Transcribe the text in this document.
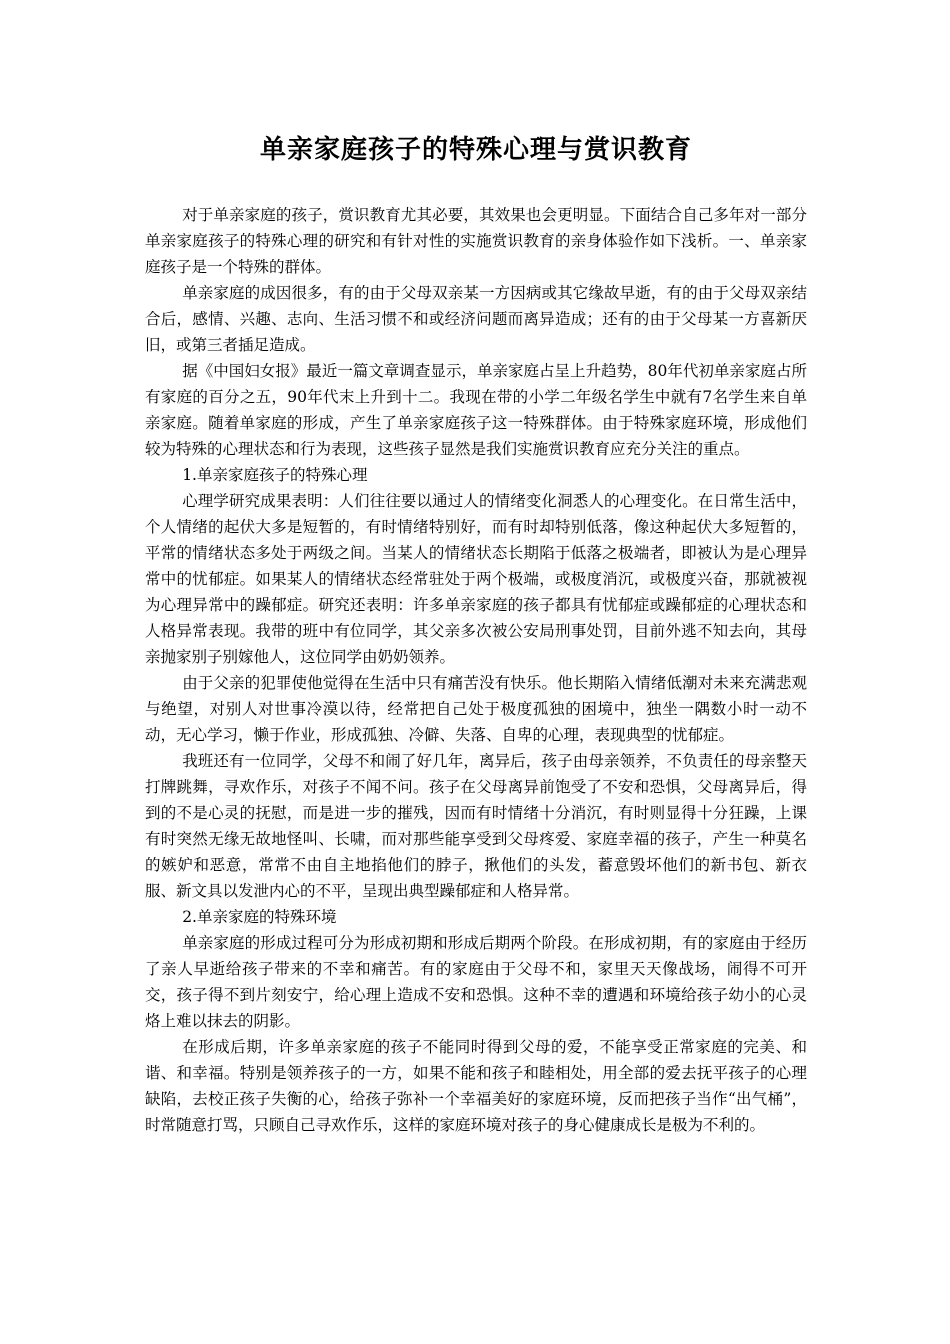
单亲家庭孩子的特殊心理与赏识教育

对于单亲家庭的孩子，赏识教育尤其必要，其效果也会更明显。下面结合自己多年对一部分单亲家庭孩子的特殊心理的研究和有针对性的实施赏识教育的亲身体验作如下浅析。一、单亲家庭孩子是一个特殊的群体。

单亲家庭的成因很多，有的由于父母双亲某一方因病或其它缘故早逝，有的由于父母双亲结合后，感情、兴趣、志向、生活习惯不和或经济问题而离异造成；还有的由于父母某一方喜新厌旧，或第三者插足造成。

据《中国妇女报》最近一篇文章调查显示，单亲家庭占呈上升趋势，80年代初单亲家庭占所有家庭的百分之五，90年代末上升到十二。我现在带的小学二年级名学生中就有7名学生来自单亲家庭。随着单家庭的形成，产生了单亲家庭孩子这一特殊群体。由于特殊家庭环境，形成他们较为特殊的心理状态和行为表现，这些孩子显然是我们实施赏识教育应充分关注的重点。

1.单亲家庭孩子的特殊心理

心理学研究成果表明：人们往往要以通过人的情绪变化洞悉人的心理变化。在日常生活中，个人情绪的起伏大多是短暂的，有时情绪特别好，而有时却特别低落，像这种起伏大多短暂的，平常的情绪状态多处于两级之间。当某人的情绪状态长期陷于低落之极端者，即被认为是心理异常中的忧郁症。如果某人的情绪状态经常驻处于两个极端，或极度消沉，或极度兴奋，那就被视为心理异常中的躁郁症。研究还表明：许多单亲家庭的孩子都具有忧郁症或躁郁症的心理状态和人格异常表现。我带的班中有位同学，其父亲多次被公安局刑事处罚，目前外逃不知去向，其母亲抛家别子别嫁他人，这位同学由奶奶领养。

由于父亲的犯罪使他觉得在生活中只有痛苦没有快乐。他长期陷入情绪低潮对未来充满悲观与绝望，对别人对世事冷漠以待，经常把自己处于极度孤独的困境中，独坐一隅数小时一动不动，无心学习，懒于作业，形成孤独、冷僻、失落、自卑的心理，表现典型的忧郁症。

我班还有一位同学，父母不和闹了好几年，离异后，孩子由母亲领养，不负责任的母亲整天打牌跳舞，寻欢作乐，对孩子不闻不问。孩子在父母离异前饱受了不安和恐惧，父母离异后，得到的不是心灵的抚慰，而是进一步的摧残，因而有时情绪十分消沉，有时则显得十分狂躁，上课有时突然无缘无故地怪叫、长啸，而对那些能享受到父母疼爱、家庭幸福的孩子，产生一种莫名的嫉妒和恶意，常常不由自主地掐他们的脖子，揪他们的头发，蓄意毁坏他们的新书包、新衣服、新文具以发泄内心的不平，呈现出典型躁郁症和人格异常。

2.单亲家庭的特殊环境

单亲家庭的形成过程可分为形成初期和形成后期两个阶段。在形成初期，有的家庭由于经历了亲人早逝给孩子带来的不幸和痛苦。有的家庭由于父母不和，家里天天像战场，闹得不可开交，孩子得不到片刻安宁，给心理上造成不安和恐惧。这种不幸的遭遇和环境给孩子幼小的心灵烙上难以抹去的阴影。

在形成后期，许多单亲家庭的孩子不能同时得到父母的爱，不能享受正常家庭的完美、和谐、和幸福。特别是领养孩子的一方，如果不能和孩子和睦相处，用全部的爱去抚平孩子的心理缺陷，去校正孩子失衡的心，给孩子弥补一个幸福美好的家庭环境，反而把孩子当作“出气桶”，时常随意打骂，只顾自己寻欢作乐，这样的家庭环境对孩子的身心健康成长是极为不利的。
